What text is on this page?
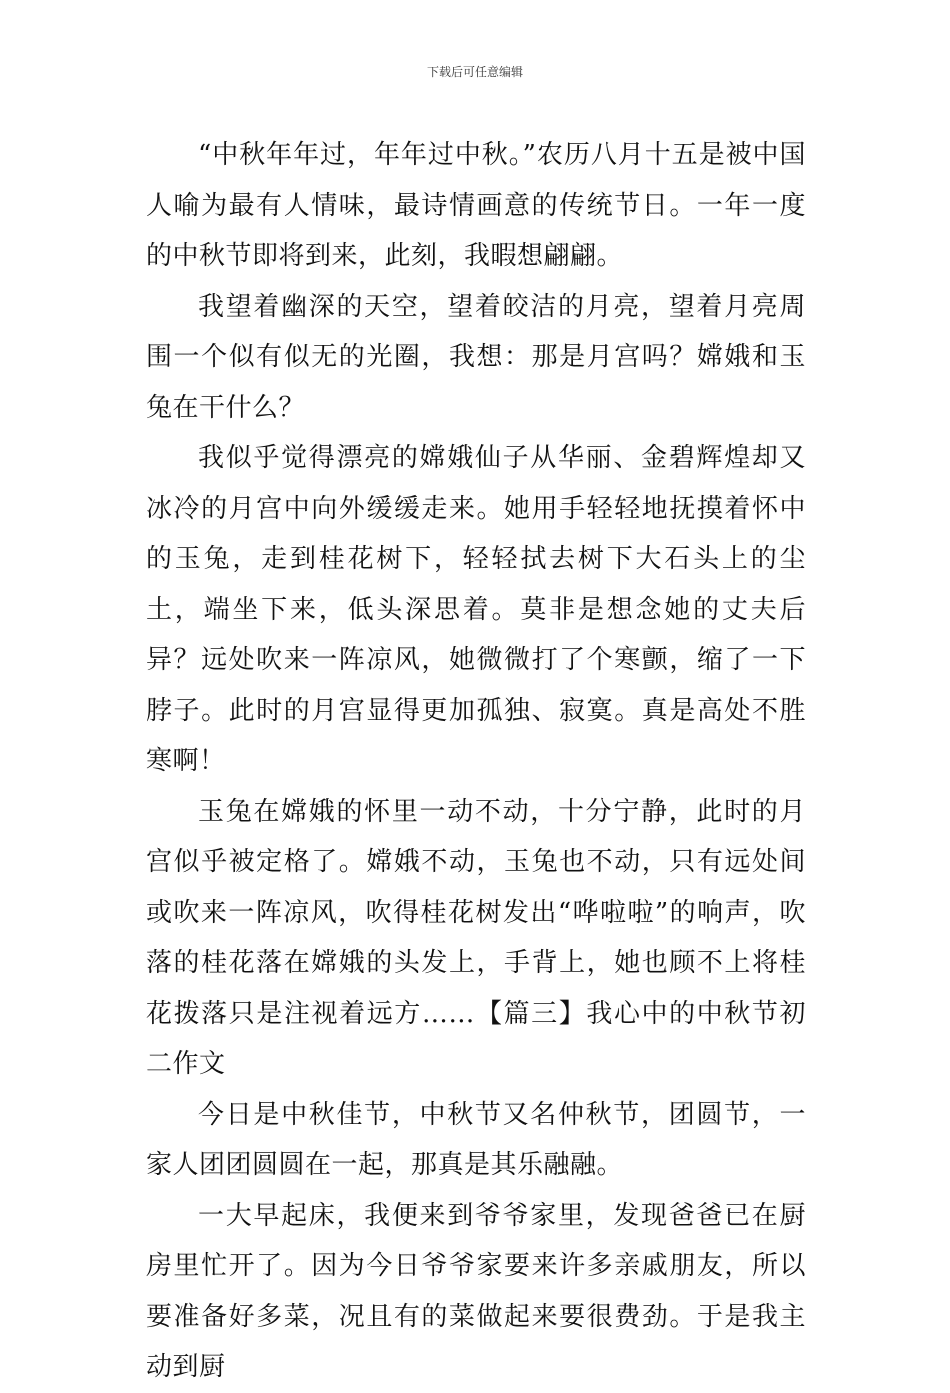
下载后可任意编辑

“中秋年年过，年年过中秋。”农历八月十五是被中国人喻为最有人情味，最诗情画意的传统节日。一年一度的中秋节即将到来，此刻，我暇想翩翩。

我望着幽深的天空，望着皎洁的月亮，望着月亮周围一个似有似无的光圈，我想：那是月宫吗？嫦娥和玉兔在干什么？

我似乎觉得漂亮的嫦娥仙子从华丽、金碧辉煌却又冰冷的月宫中向外缓缓走来。她用手轻轻地抚摸着怀中的玉兔，走到桂花树下，轻轻拭去树下大石头上的尘土，端坐下来，低头深思着。莫非是想念她的丈夫后异？远处吹来一阵凉风，她微微打了个寒颤，缩了一下脖子。此时的月宫显得更加孤独、寂寞。真是高处不胜寒啊！

玉兔在嫦娥的怀里一动不动，十分宁静，此时的月宫似乎被定格了。嫦娥不动，玉兔也不动，只有远处间或吹来一阵凉风，吹得桂花树发出“哗啦啦”的响声，吹落的桂花落在嫦娥的头发上，手背上，她也顾不上将桂花拨落只是注视着远方……【篇三】我心中的中秋节初二作文

今日是中秋佳节，中秋节又名仲秋节，团圆节，一家人团团圆圆在一起，那真是其乐融融。

一大早起床，我便来到爷爷家里，发现爸爸已在厨房里忙开了。因为今日爷爷家要来许多亲戚朋友，所以要准备好多菜，况且有的菜做起来要很费劲。于是我主动到厨
